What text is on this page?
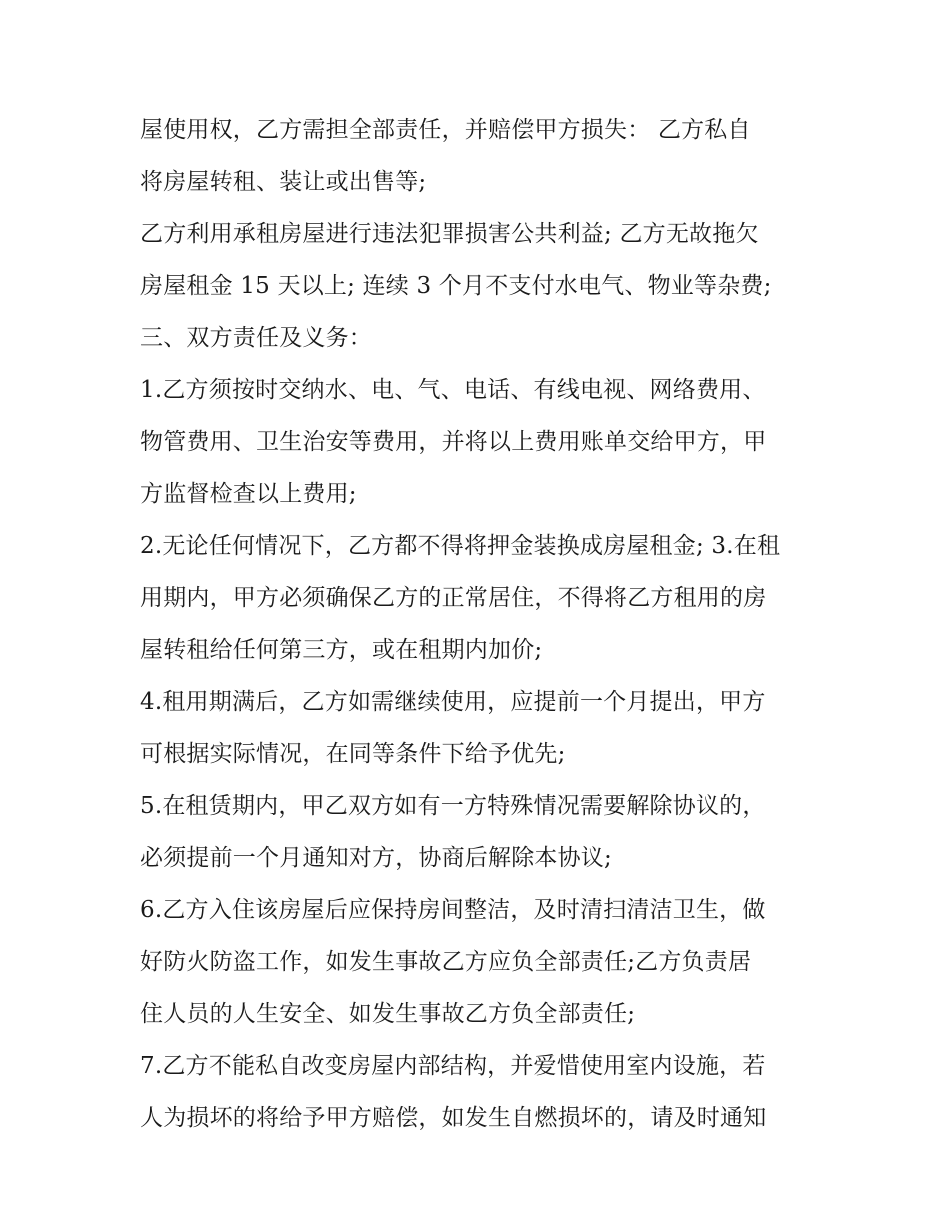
屋使用权，乙方需担全部责任，并赔偿甲方损失： 乙方私自
将房屋转租、装让或出售等;
乙方利用承租房屋进行违法犯罪损害公共利益; 乙方无故拖欠
房屋租金 15 天以上; 连续 3 个月不支付水电气、物业等杂费;
三、双方责任及义务：
1.乙方须按时交纳水、电、气、电话、有线电视、网络费用、
物管费用、卫生治安等费用，并将以上费用账单交给甲方，甲
方监督检查以上费用;
2.无论任何情况下，乙方都不得将押金装换成房屋租金; 3.在租
用期内，甲方必须确保乙方的正常居住，不得将乙方租用的房
屋转租给任何第三方，或在租期内加价;
4.租用期满后，乙方如需继续使用，应提前一个月提出，甲方
可根据实际情况，在同等条件下给予优先;
5.在租赁期内，甲乙双方如有一方特殊情况需要解除协议的，
必须提前一个月通知对方，协商后解除本协议;
6.乙方入住该房屋后应保持房间整洁，及时清扫清洁卫生，做
好防火防盗工作，如发生事故乙方应负全部责任;乙方负责居
住人员的人生安全、如发生事故乙方负全部责任;
7.乙方不能私自改变房屋内部结构，并爱惜使用室内设施，若
人为损坏的将给予甲方赔偿，如发生自燃损坏的，请及时通知
